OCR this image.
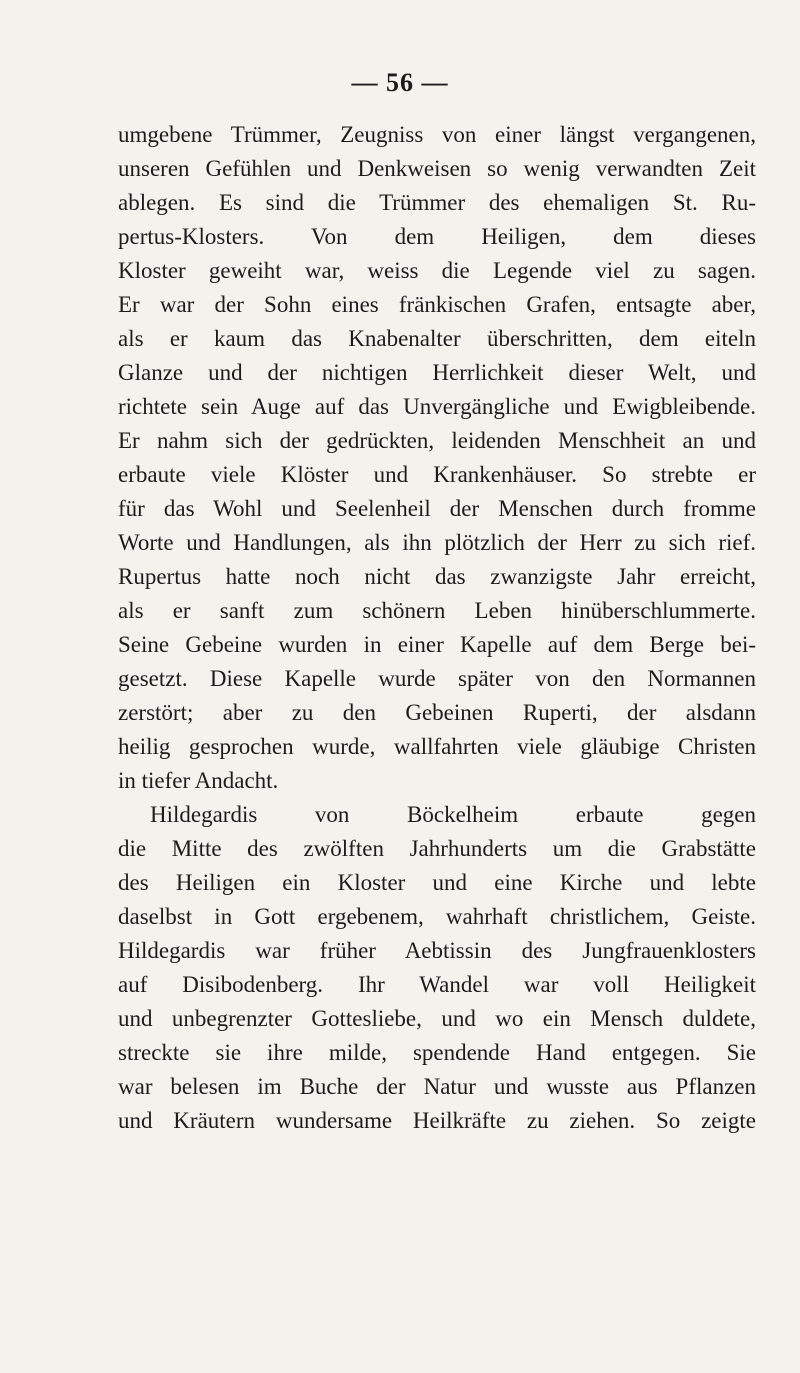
— 56 —
umgebene Trümmer, Zeugniss von einer längst vergangenen,
unseren Gefühlen und Denkweisen so wenig verwandten Zeit
ablegen. Es sind die Trümmer des ehemaligen St. Ru-
pertus-Klosters. Von dem Heiligen, dem dieses
Kloster geweiht war, weiss die Legende viel zu sagen.
Er war der Sohn eines fränkischen Grafen, entsagte aber,
als er kaum das Knabenalter überschritten, dem eiteln
Glanze und der nichtigen Herrlichkeit dieser Welt, und
richtete sein Auge auf das Unvergängliche und Ewigbleibende.
Er nahm sich der gedrückten, leidenden Menschheit an und
erbaute viele Klöster und Krankenhäuser. So strebte er
für das Wohl und Seelenheil der Menschen durch fromme
Worte und Handlungen, als ihn plötzlich der Herr zu sich rief.
Rupertus hatte noch nicht das zwanzigste Jahr erreicht,
als er sanft zum schönern Leben hinüberschlummerte.
Seine Gebeine wurden in einer Kapelle auf dem Berge bei-
gesetzt. Diese Kapelle wurde später von den Normannen
zerstört; aber zu den Gebeinen Ruperti, der alsdann
heilig gesprochen wurde, wallfahrten viele gläubige Christen
in tiefer Andacht.
Hildegardis von Böckelheim erbaute gegen
die Mitte des zwölften Jahrhunderts um die Grabstätte
des Heiligen ein Kloster und eine Kirche und lebte
daselbst in Gott ergebenem, wahrhaft christlichem, Geiste.
Hildegardis war früher Aebtissin des Jungfrauenklosters
auf Disibodenberg. Ihr Wandel war voll Heiligkeit
und unbegrenzter Gottesliebe, und wo ein Mensch duldete,
streckte sie ihre milde, spendende Hand entgegen. Sie
war belesen im Buche der Natur und wusste aus Pflanzen
und Kräutern wundersame Heilkräfte zu ziehen. So zeigte
